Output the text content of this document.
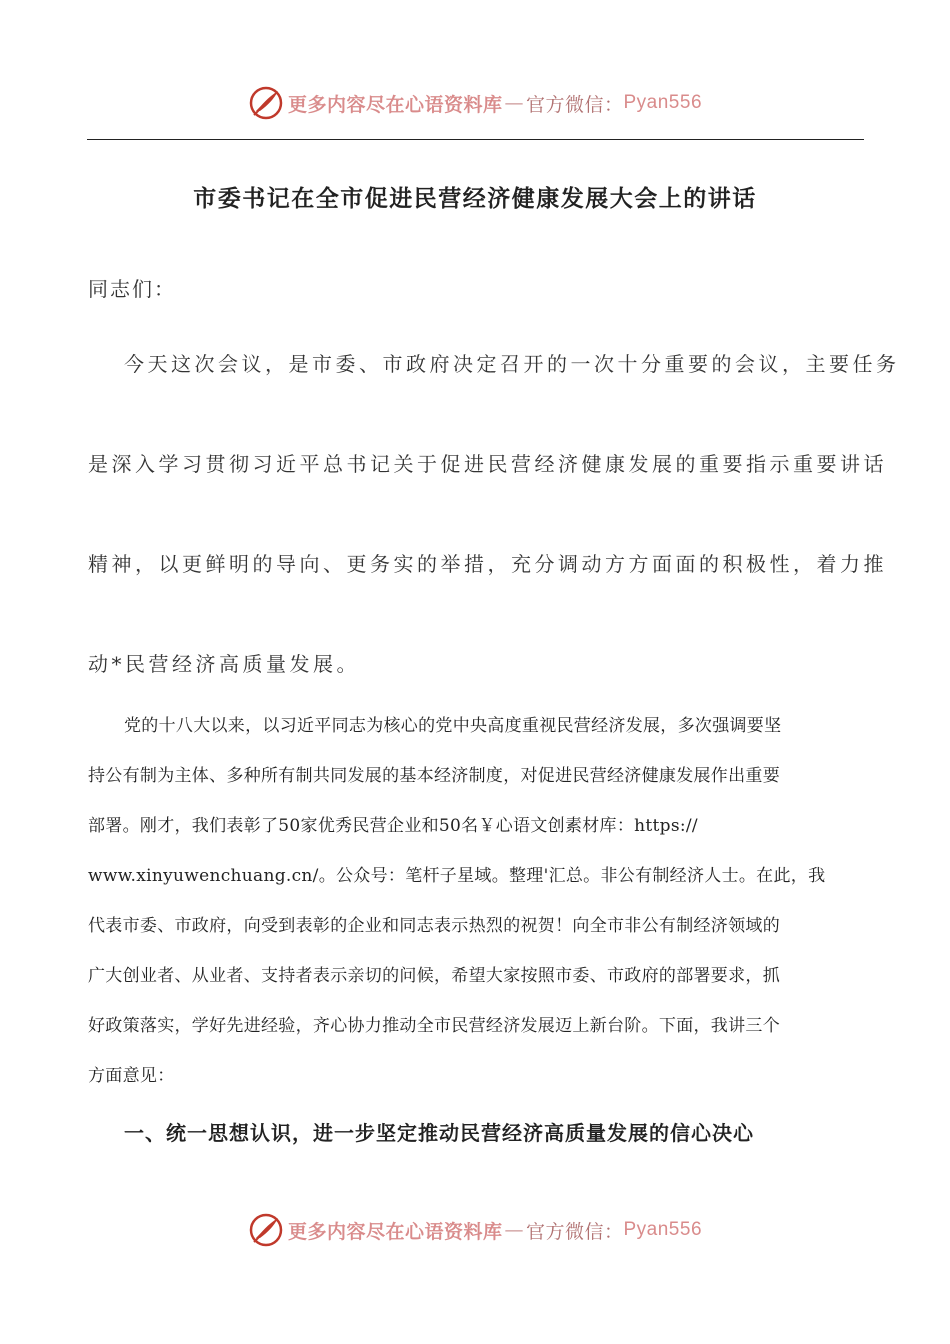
更多内容尽在心语资料库 — 官方微信： Pyan556
市委书记在全市促进民营经济健康发展大会上的讲话
同志们：
今天这次会议，是市委、市政府决定召开的一次十分重要的会议，主要任务
是深入学习贯彻习近平总书记关于促进民营经济健康发展的重要指示重要讲话
精神，以更鲜明的导向、更务实的举措，充分调动方方面面的积极性，着力推
动*民营经济高质量发展。
党的十八大以来，以习近平同志为核心的党中央高度重视民营经济发展，多次强调要坚
持公有制为主体、多种所有制共同发展的基本经济制度，对促进民营经济健康发展作出重要
部署。刚才，我们表彰了50家优秀民营企业和50名￥心语文创素材库：https://
www.xinyuwenchuang.cn/。公众号：笔杆子星域。整理'汇总。非公有制经济人士。在此，我
代表市委、市政府，向受到表彰的企业和同志表示热烈的祝贺！向全市非公有制经济领域的
广大创业者、从业者、支持者表示亲切的问候，希望大家按照市委、市政府的部署要求，抓
好政策落实，学好先进经验，齐心协力推动全市民营经济发展迈上新台阶。下面，我讲三个
方面意见：
一、统一思想认识，进一步坚定推动民营经济高质量发展的信心决心
更多内容尽在心语资料库 — 官方微信： Pyan556
